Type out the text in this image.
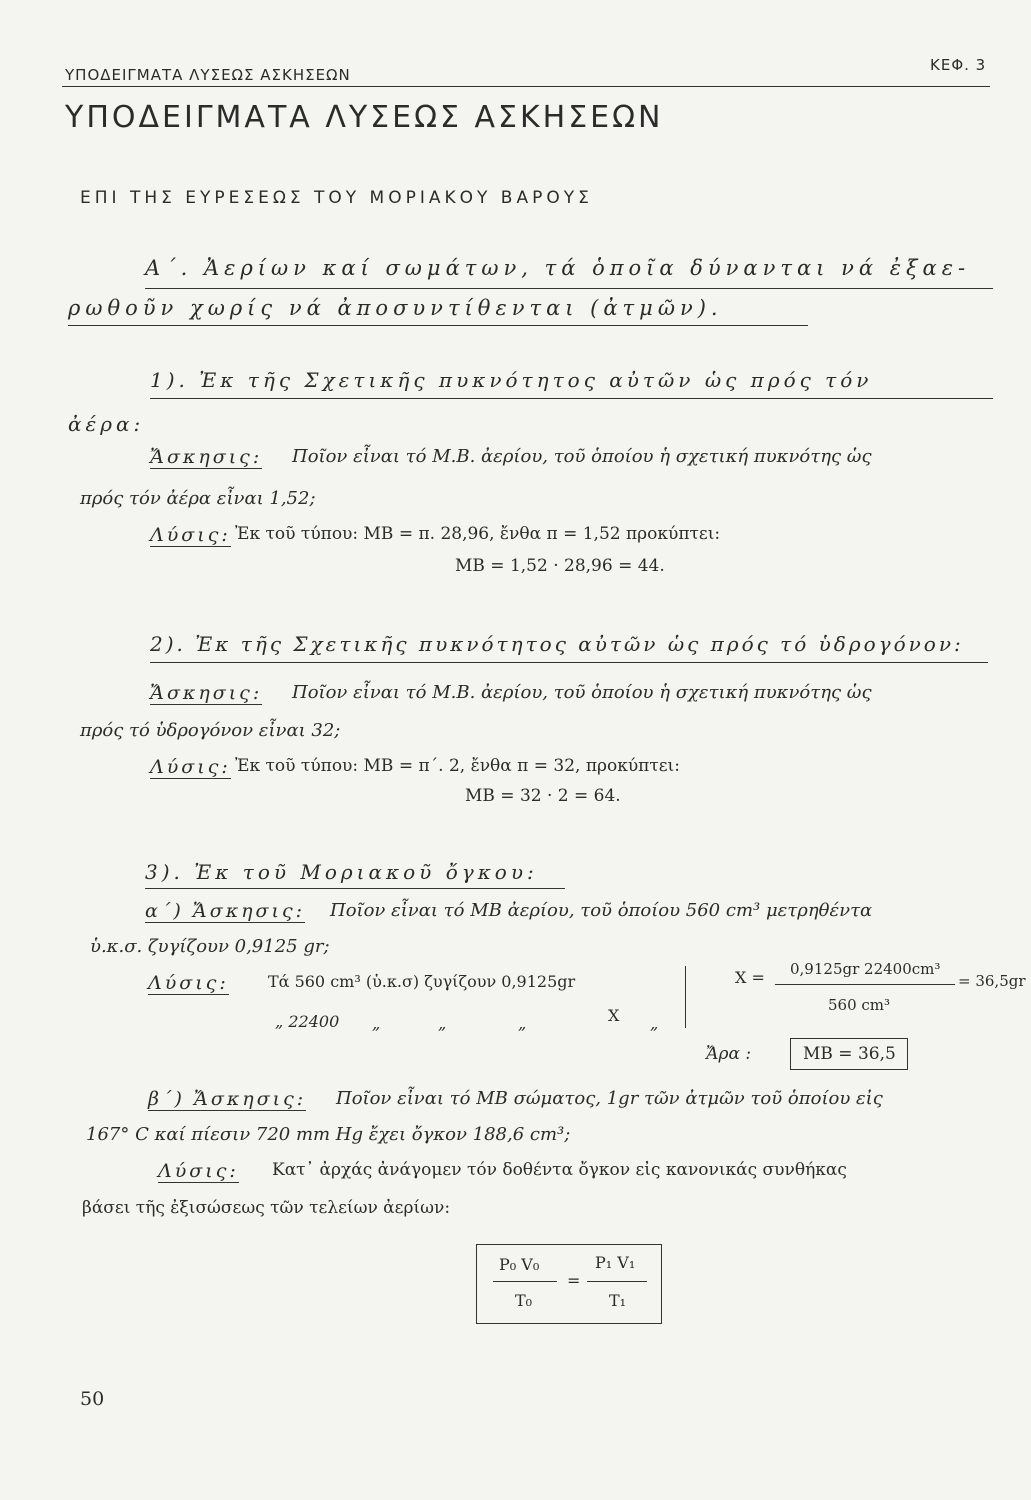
ΥΠΟΔΕΙΓΜΑΤΑ ΛΥΣΕΩΣ ΑΣΚΗΣΕΩΝ
ΚΕΦ. 3
ΥΠΟΔΕΙΓΜΑΤΑ ΛΥΣΕΩΣ ΑΣΚΗΣΕΩΝ
ΕΠΙ ΤΗΣ ΕΥΡΕΣΕΩΣ ΤΟΥ ΜΟΡΙΑΚΟΥ ΒΑΡΟΥΣ
Α΄. Ἀερίων καί σωμάτων, τά ὁποῖα δύνανται νά ἐξαε-
ρωθοῦν χωρίς νά ἀποσυντίθενται (ἀτμῶν).
1). Ἐκ τῆς Σχετικῆς πυκνότητος αὐτῶν ὡς πρός τόν
ἀέρα:
Ἄσκησις: Ποῖον εἶναι τό Μ.Β. ἀερίου, τοῦ ὁποίου ἡ σχετική πυκνότης ὡς
πρός τόν ἀέρα εἶναι 1,52;
Λύσις: Ἐκ τοῦ τύπου: ΜΒ = π. 28,96, ἔνθα π = 1,52 προκύπτει:
ΜΒ = 1,52 · 28,96 = 44.
2). Ἐκ τῆς Σχετικῆς πυκνότητος αὐτῶν ὡς πρός τό ὑδρογόνον:
Ἄσκησις: Ποῖον εἶναι τό Μ.Β. ἀερίου, τοῦ ὁποίου ἡ σχετική πυκνότης ὡς
πρός τό ὑδρογόνον εἶναι 32;
Λύσις: Ἐκ τοῦ τύπου: ΜΒ = π΄. 2, ἔνθα π = 32, προκύπτει:
ΜΒ = 32 · 2 = 64.
3). Ἐκ τοῦ Μοριακοῦ ὄγκου:
α΄) Ἄσκησις: Ποῖον εἶναι τό ΜΒ ἀερίου, τοῦ ὁποίου 560 cm³ μετρηθέντα
ὑ.κ.σ. ζυγίζουν 0,9125 gr;
Λύσις: Τά 560 cm³ (ὑ.κ.σ) ζυγίζουν 0,9125gr
„ 22400 „	„	„	Χ „
Χ = 0,9125gr 22400cm³
560 cm³
= 36,5gr
Ἄρα :	ΜΒ = 36,5
β΄) Ἄσκησις: Ποῖον εἶναι τό ΜΒ σώματος, 1gr τῶν ἀτμῶν τοῦ ὁποίου εἰς
167° C καί πίεσιν 720 mm Hg ἔχει ὄγκον 188,6 cm³;
Λύσις: Κατ᾽ ἀρχάς ἀνάγομεν τόν δοθέντα ὄγκον εἰς κανονικάς συνθήκας
βάσει τῆς ἐξισώσεως τῶν τελείων ἀερίων:
P₀ V₀
T₀
=
P₁ V₁
T₁
50
